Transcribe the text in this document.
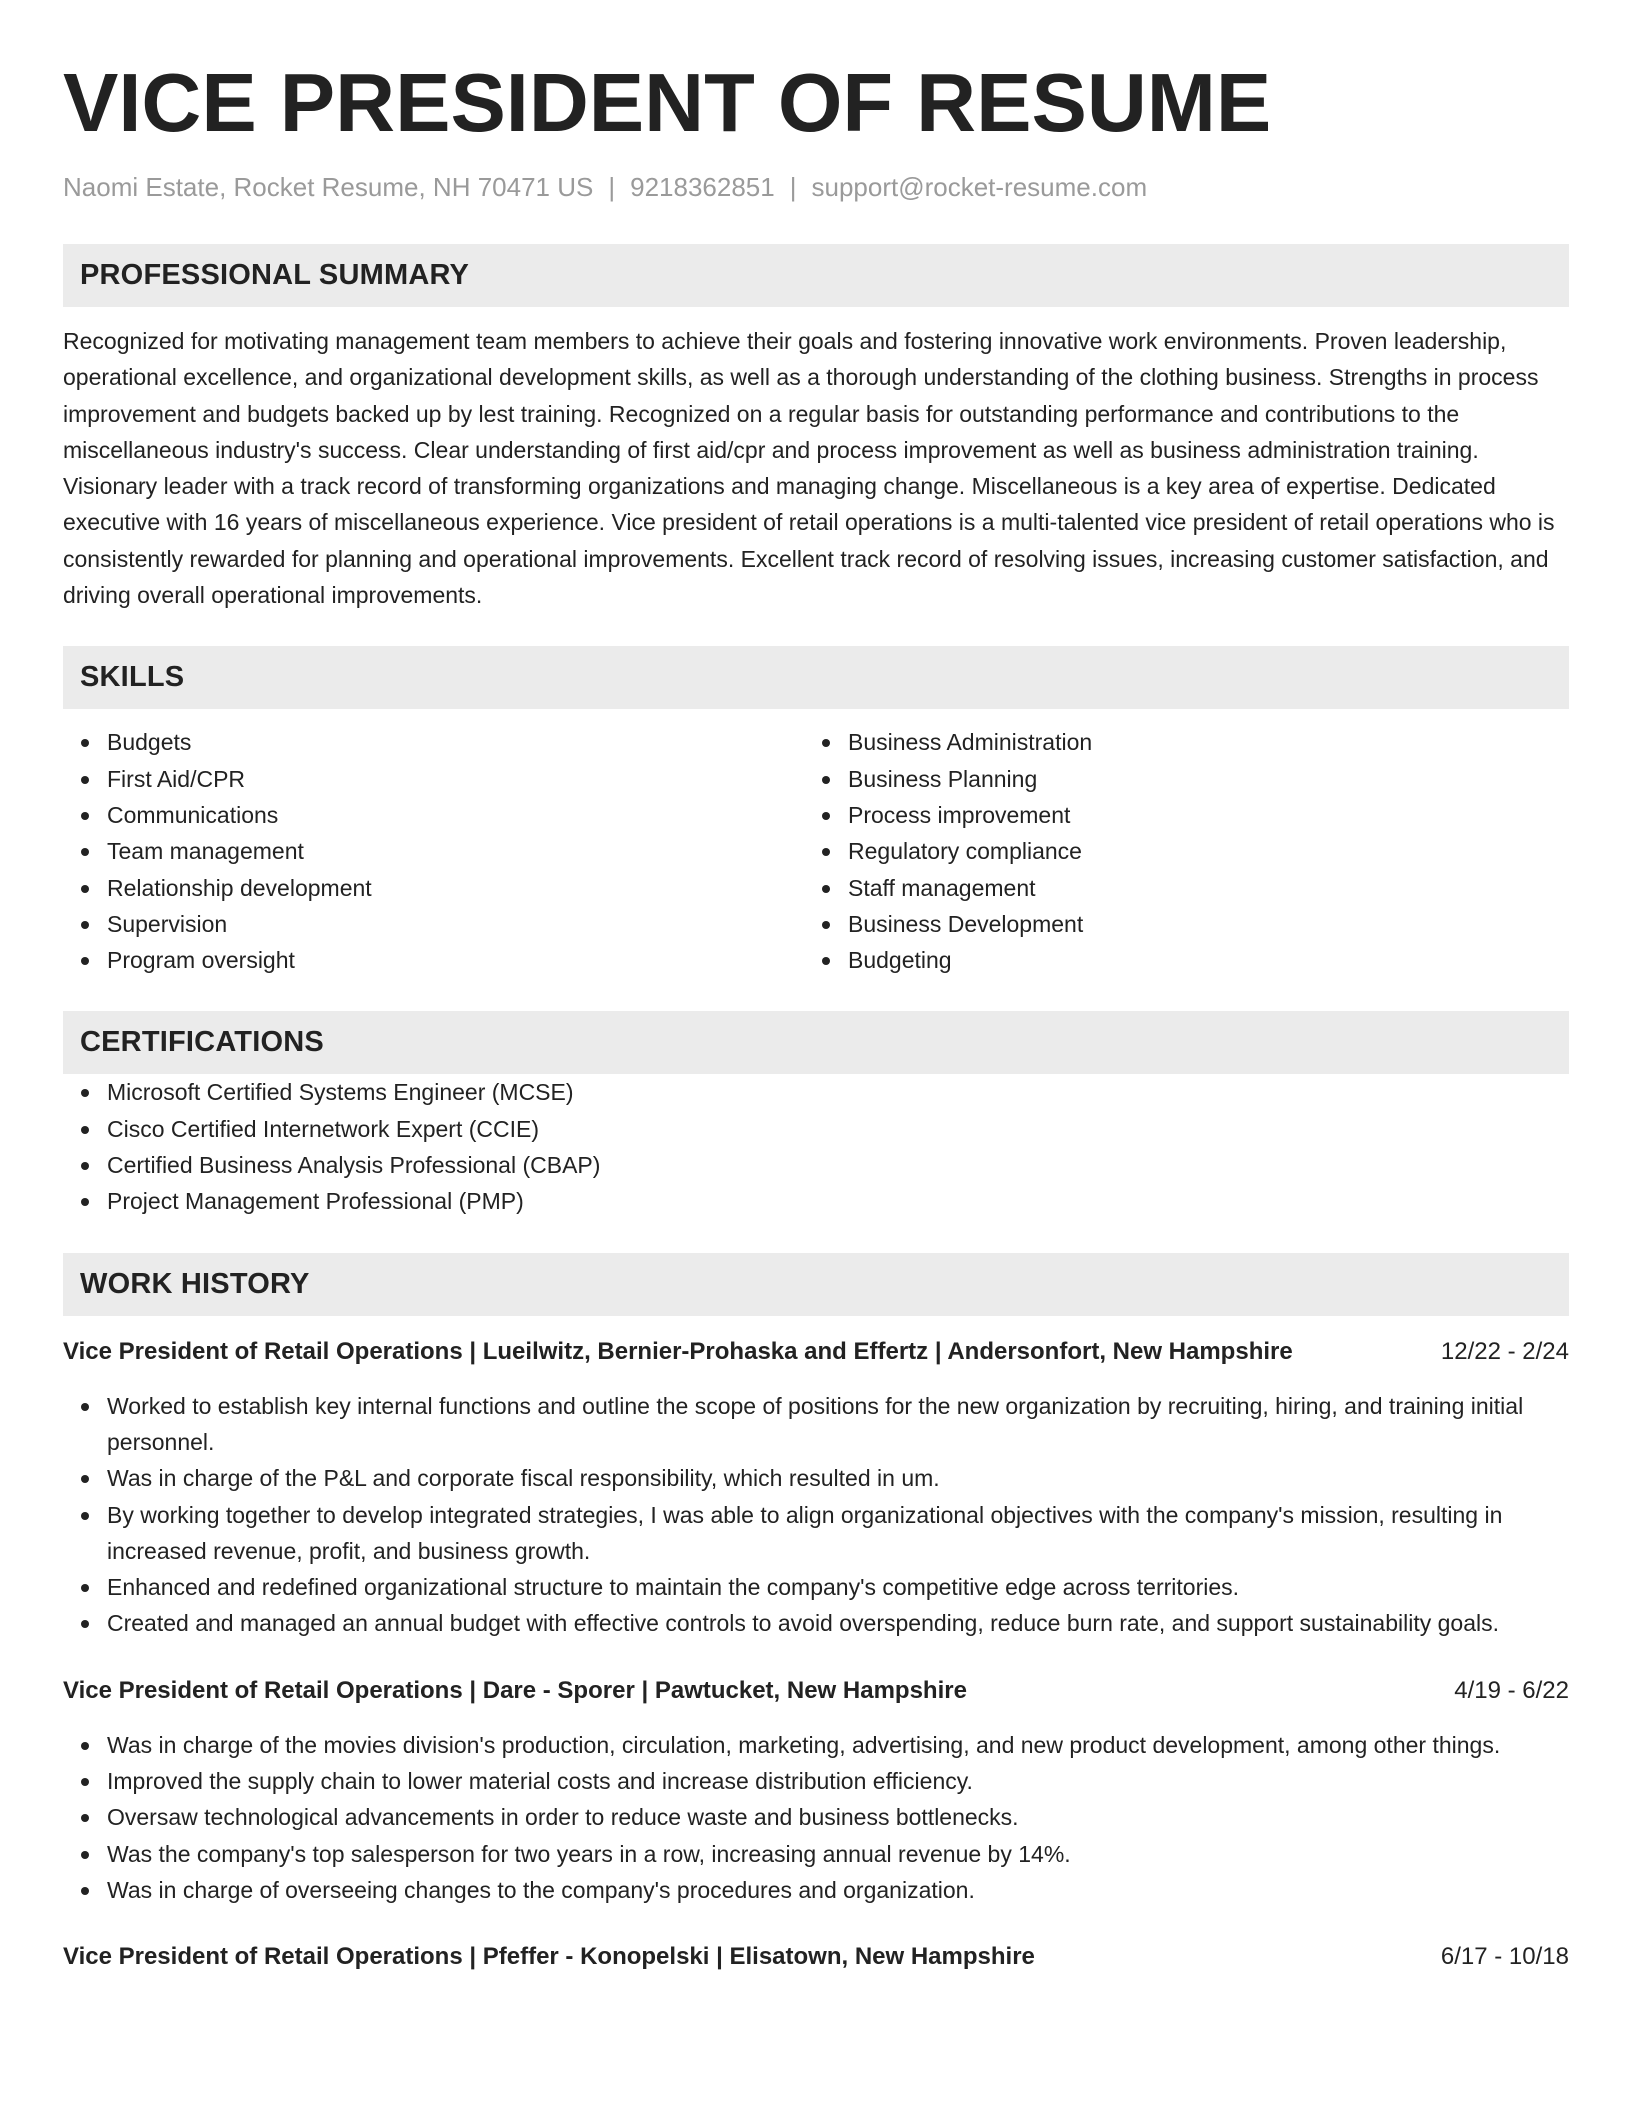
VICE PRESIDENT OF RESUME
Naomi Estate, Rocket Resume, NH 70471 US | 9218362851 | support@rocket-resume.com
PROFESSIONAL SUMMARY

Recognized for motivating management team members to achieve their goals and fostering innovative work environments. Proven leadership, operational excellence, and organizational development skills, as well as a thorough understanding of the clothing business. Strengths in process improvement and budgets backed up by lest training. Recognized on a regular basis for outstanding performance and contributions to the miscellaneous industry's success. Clear understanding of first aid/cpr and process improvement as well as business administration training. Visionary leader with a track record of transforming organizations and managing change. Miscellaneous is a key area of expertise. Dedicated executive with 16 years of miscellaneous experience. Vice president of retail operations is a multi-talented vice president of retail operations who is consistently rewarded for planning and operational improvements. Excellent track record of resolving issues, increasing customer satisfaction, and driving overall operational improvements.

SKILLS
Budgets
First Aid/CPR
Communications
Team management
Relationship development
Supervision
Program oversight
Business Administration
Business Planning
Process improvement
Regulatory compliance
Staff management
Business Development
Budgeting
CERTIFICATIONS
Microsoft Certified Systems Engineer (MCSE)
Cisco Certified Internetwork Expert (CCIE)
Certified Business Analysis Professional (CBAP)
Project Management Professional (PMP)
WORK HISTORY
Vice President of Retail Operations | Lueilwitz, Bernier-Prohaska and Effertz | Andersonfort, New Hampshire	12/22 - 2/24
Worked to establish key internal functions and outline the scope of positions for the new organization by recruiting, hiring, and training initial personnel.
Was in charge of the P&L and corporate fiscal responsibility, which resulted in um.
By working together to develop integrated strategies, I was able to align organizational objectives with the company's mission, resulting in increased revenue, profit, and business growth.
Enhanced and redefined organizational structure to maintain the company's competitive edge across territories.
Created and managed an annual budget with effective controls to avoid overspending, reduce burn rate, and support sustainability goals.
Vice President of Retail Operations | Dare - Sporer | Pawtucket, New Hampshire	4/19 - 6/22
Was in charge of the movies division's production, circulation, marketing, advertising, and new product development, among other things.
Improved the supply chain to lower material costs and increase distribution efficiency.
Oversaw technological advancements in order to reduce waste and business bottlenecks.
Was the company's top salesperson for two years in a row, increasing annual revenue by 14%.
Was in charge of overseeing changes to the company's procedures and organization.
Vice President of Retail Operations | Pfeffer - Konopelski | Elisatown, New Hampshire	6/17 - 10/18
